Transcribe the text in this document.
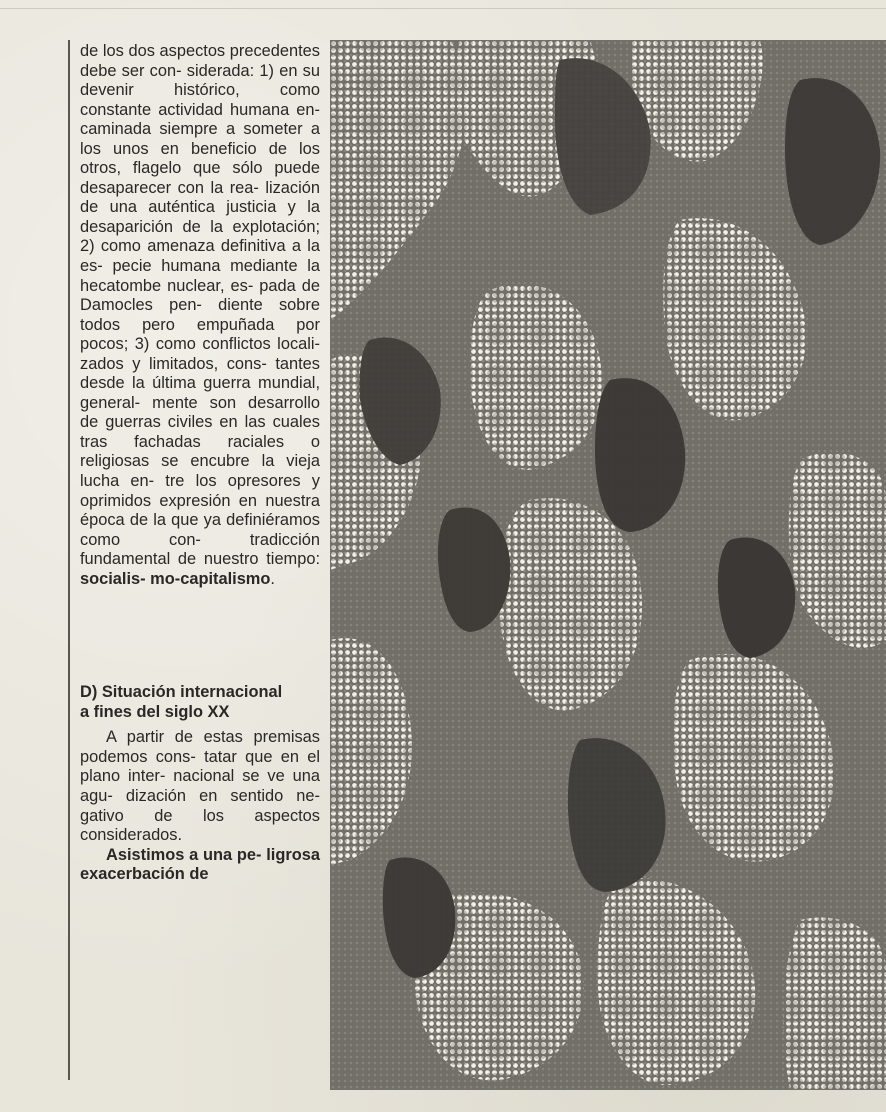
de los dos aspectos precedentes debe ser con- siderada: 1) en su devenir histórico, como constante actividad humana en- caminada siempre a someter a los unos en beneficio de los otros, flagelo que sólo puede desaparecer con la rea- lización de una auténtica justicia y la desaparición de la explotación; 2) como amenaza definitiva a la es- pecie humana mediante la hecatombe nuclear, es- pada de Damocles pen- diente sobre todos pero empuñada por pocos; 3) como conflictos locali- zados y limitados, cons- tantes desde la última guerra mundial, general- mente son desarrollo de guerras civiles en las cuales tras fachadas raciales o religiosas se encubre la vieja lucha en- tre los opresores y oprimidos expresión en nuestra época de la que ya definiéramos como con-	tradicción fundamental de nuestro tiempo: socialis- mo-capitalismo.

D) Situación internacional
a fines del siglo XX

A partir de estas premisas podemos cons- tatar que en el plano inter- nacional se ve una agu- dización en sentido ne- gativo de los aspectos considerados.

Asistimos a una pe- ligrosa exacerbación de
